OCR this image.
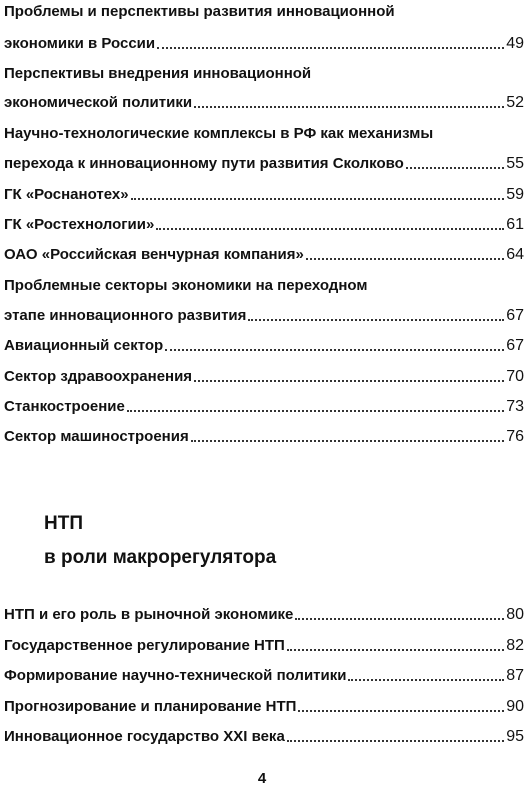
Проблемы и перспективы развития инновационной
экономики в России	49
Перспективы внедрения инновационной
экономической политики	52
Научно-технологические комплексы в РФ как механизмы
перехода к инновационному пути развития Сколково	55
ГК «Роснанотех»	59
ГК «Ростехнологии»	61
ОАО «Российская венчурная компания»	64
Проблемные секторы экономики на переходном
этапе инновационного развития	67
Авиационный сектор	67
Сектор здравоохранения	70
Станкостроение	73
Сектор машиностроения	76
НТП
в роли макрорегулятора
НТП и его роль в рыночной экономике	80
Государственное регулирование НТП	82
Формирование научно-технической политики	87
Прогнозирование и планирование НТП	90
Инновационное государство XXI века	95
4
